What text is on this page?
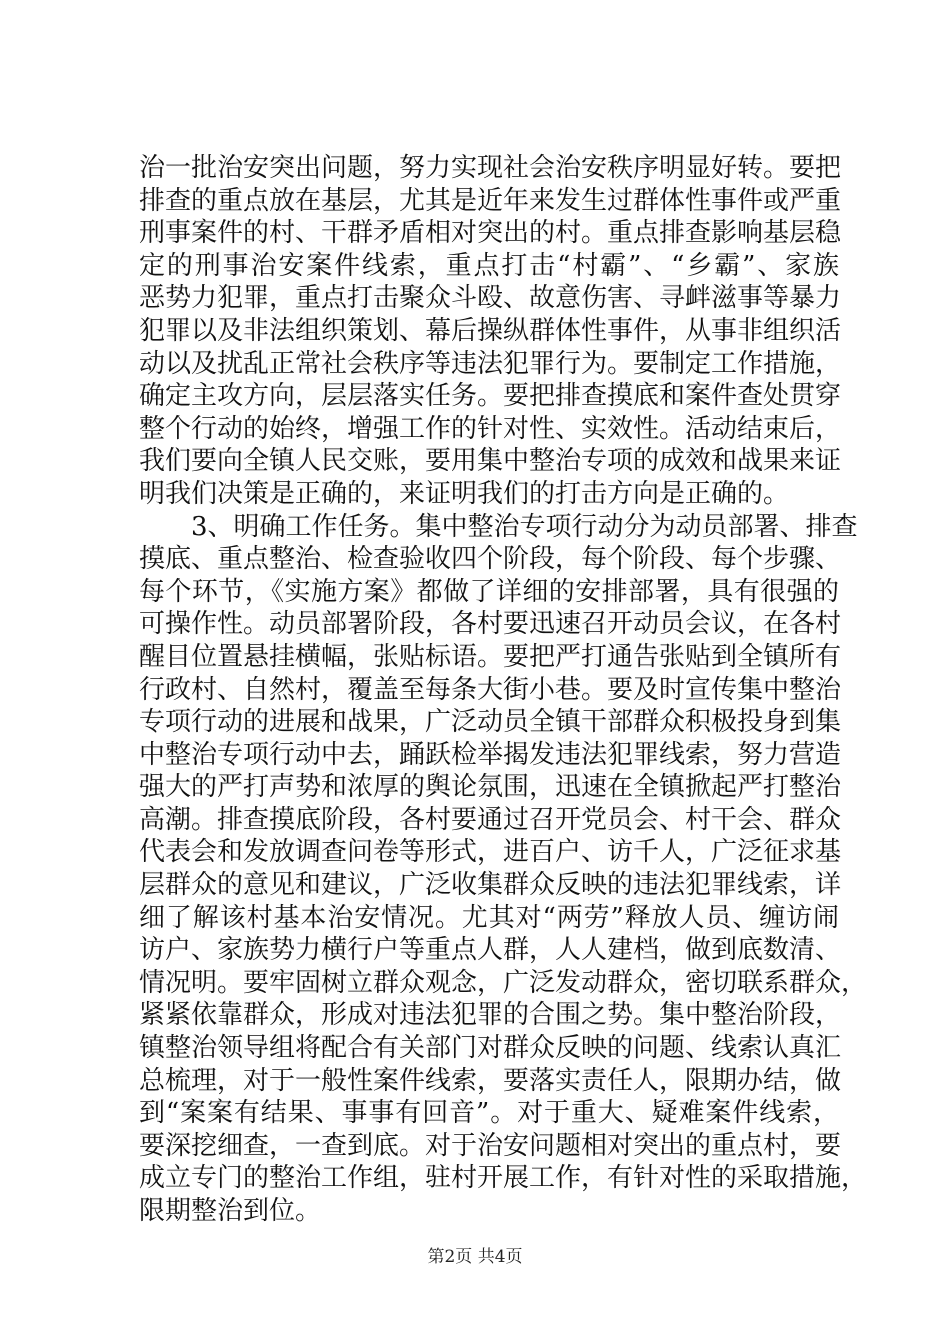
治一批治安突出问题，努力实现社会治安秩序明显好转。要把
排查的重点放在基层，尤其是近年来发生过群体性事件或严重
刑事案件的村、干群矛盾相对突出的村。重点排查影响基层稳
定的刑事治安案件线索，重点打击“村霸”、“乡霸”、家族
恶势力犯罪，重点打击聚众斗殴、故意伤害、寻衅滋事等暴力
犯罪以及非法组织策划、幕后操纵群体性事件，从事非组织活
动以及扰乱正常社会秩序等违法犯罪行为。要制定工作措施，
确定主攻方向，层层落实任务。要把排查摸底和案件查处贯穿
整个行动的始终，增强工作的针对性、实效性。活动结束后，
我们要向全镇人民交账，要用集中整治专项的成效和战果来证
明我们决策是正确的，来证明我们的打击方向是正确的。
　　3、明确工作任务。集中整治专项行动分为动员部署、排查
摸底、重点整治、检查验收四个阶段，每个阶段、每个步骤、
每个环节，《实施方案》都做了详细的安排部署，具有很强的
可操作性。动员部署阶段，各村要迅速召开动员会议，在各村
醒目位置悬挂横幅，张贴标语。要把严打通告张贴到全镇所有
行政村、自然村，覆盖至每条大街小巷。要及时宣传集中整治
专项行动的进展和战果，广泛动员全镇干部群众积极投身到集
中整治专项行动中去，踊跃检举揭发违法犯罪线索，努力营造
强大的严打声势和浓厚的舆论氛围，迅速在全镇掀起严打整治
高潮。排查摸底阶段，各村要通过召开党员会、村干会、群众
代表会和发放调查问卷等形式，进百户、访千人，广泛征求基
层群众的意见和建议，广泛收集群众反映的违法犯罪线索，详
细了解该村基本治安情况。尤其对“两劳”释放人员、缠访闹
访户、家族势力横行户等重点人群，人人建档，做到底数清、
情况明。要牢固树立群众观念，广泛发动群众，密切联系群众，
紧紧依靠群众，形成对违法犯罪的合围之势。集中整治阶段，
镇整治领导组将配合有关部门对群众反映的问题、线索认真汇
总梳理，对于一般性案件线索，要落实责任人，限期办结，做
到“案案有结果、事事有回音”。对于重大、疑难案件线索，
要深挖细查，一查到底。对于治安问题相对突出的重点村，要
成立专门的整治工作组，驻村开展工作，有针对性的采取措施，
限期整治到位。
第2页 共4页
